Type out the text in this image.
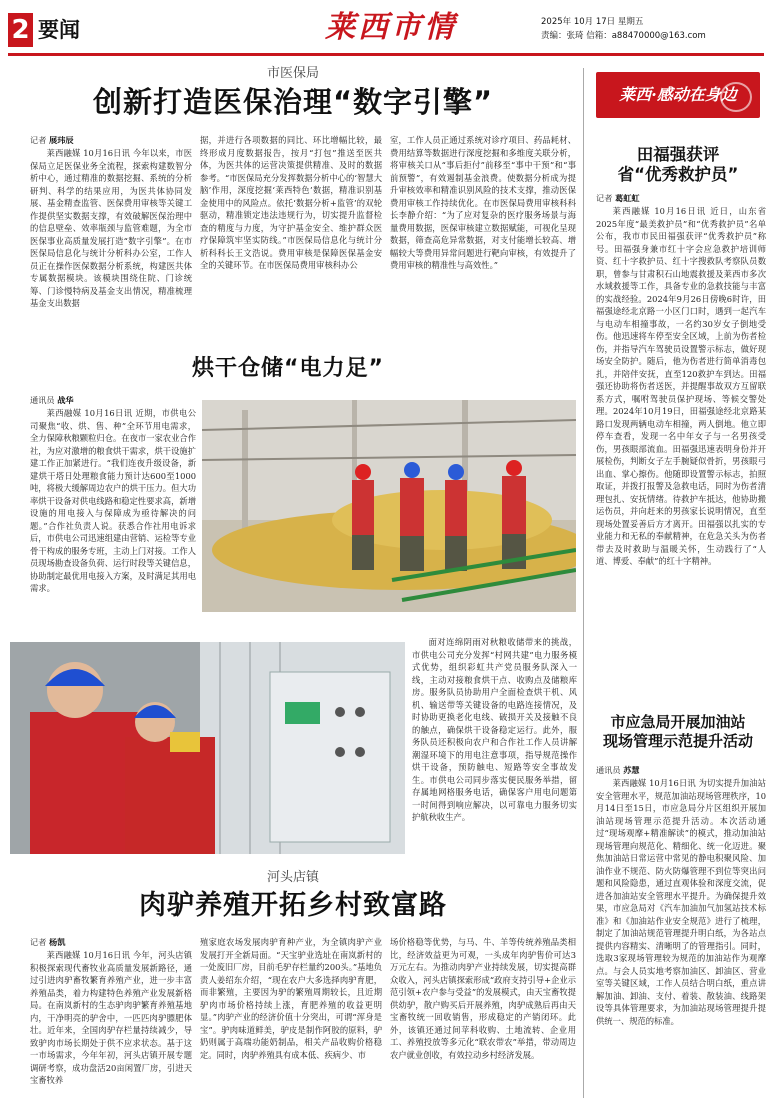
2 要闻	莱西市情	2025年 10月 17日 星期五
责编：张琦 信箱：a88470000@163.com
市医保局
创新打造医保治理“数字引擎”
记者 展玮辰

莱西融媒 10月16日讯 今年以来，市医保局立足医保业务全流程，探索构建数智分析中心，通过精准的数据挖掘、系统的分析研判、科学的结果应用，为医共体协同发展、基金精查监管、医保费用审核等关键工作提供坚实数据支撑，有效破解医保治理中的信息壁垒、效率瓶颈与监管难题，为全市医保事业高质量发展打造“数字引擎”。在市医保局信息化与统计分析科办公室，工作人员正在操作医保数据分析系统，构建医共体专属数据模块。该模块围绕住院、门诊统筹、门诊慢特病及基金支出情况，精准梳理基金支出数据

据，并进行各项数据的同比、环比增幅比较，最终形成月度数据报告，按月“打包”推送至医共体，为医共体的运营决策提供精准、及时的数据参考。“市医保局充分发挥数据分析中心的‘智慧大脑’作用，深度挖掘‘莱西特色’数据，精准识别基金使用中的风险点。依托‘数据分析+监管’的双轮驱动，精准锁定违法违规行为，切实提升监督检查的精度与力度，为守护基金安全、维护群众医疗保障筑牢坚实防线。”市医保局信息化与统计分析科科长王文浩说。费用审核是保障医保基金安全的关键环节。在市医保局费用审核科办公

室，工作人员正通过系统对诊疗项目、药品耗材、费用结算等数据进行深度挖掘和多维度关联分析，将审核关口从“事后拒付”前移至“事中干预”和“事前预警”，有效遏制基金浪费。使数据分析成为提升审核效率和精准识别风险的技术支撑，推动医保费用审核工作持续优化。在市医保局费用审核科科长李静介绍：“为了应对复杂的医疗服务场景与海量费用数据，医保审核建立数据赋能，可视化呈现数据，筛查高危异常数据，对支付能增长较高、增幅较大等费用异常问题进行靶向审核，有效提升了费用审核的精准性与高效性。”

烘干仓储“电力足”
通讯员 战华

莱西融媒 10月16日讯 近期，市供电公司聚焦“收、烘、售、种”全环节用电需求，全力保障秋粮颗粒归仓。在夜市一家农业合作社，为应对激增的粮食烘干需求，烘干设施扩建工作正加紧进行。“我们连夜升级设备，新建烘干塔日处理粮食能力预计达600至1000吨，将极大缓解周边农户的烘干压力。但大功率烘干设备对供电线路和稳定性要求高，新增设施的用电接入与保障成为亟待解决的问题。”合作社负责人说。获悉合作社用电诉求后，市供电公司迅速组建由营销、运检等专业骨干构成的服务专班，主动上门对接。工作人员现场勘查设备负荷、运行时段等关键信息，协助制定最优用电接入方案，及时满足其用电需求。

面对连绵阴雨对秋粮收储带来的挑战，市供电公司充分发挥“村网共建”电力服务模式优势，组织彩虹共产党员服务队深入一线，主动对接粮食烘干点、收购点及储粮库房。服务队员协助用户全面检查烘干机、风机、输送带等关键设备的电路连接情况，及时协助更换老化电线、破损开关及接触不良的触点，确保烘干设备稳定运行。此外，服务队员还积极向农户和合作社工作人员讲解潮湿环境下的用电注意事项，指导规范操作烘干设备，预防触电、短路等安全事故发生。市供电公司同步落实便民服务举措，留存属地网格服务电话，确保客户用电问题第一时间得到响应解决，以可靠电力服务切实护航秋收生产。

河头店镇
肉驴养殖开拓乡村致富路
记者 杨凯

莱西融媒 10月16日讯 今年，河头店镇积极探索现代畜牧业高质量发展新路径，通过引进肉驴畜牧繁育养殖产业，进一步丰富养殖品类，着力构建特色养殖产业发展新格局。在南岚新村的生态驴肉驴繁育养殖基地内，干净明亮的驴舍中，一匹匹肉驴膘肥体壮。近年来，全国肉驴存栏量持续减少，导致驴肉市场长期处于供不应求状态。基于这一市场需求，今年年初，河头店镇开展专题调研考察，成功盘活20亩闲置厂房，引进天宝畜牧养

殖家庭农场发展肉驴育种产业，为全镇肉驴产业发展打开全新局面。“天宝驴业选址在南岚新村的一处废旧厂房，目前毛驴存栏量约200头。”基地负责人姜绍东介绍，“现在农户大多选择肉驴育肥，而非繁殖，主要因为驴的繁殖周期较长，且近期驴肉市场价格持续上涨，育肥养殖的收益更明显。”肉驴产业的经济价值十分突出，可谓“浑身是宝”。驴肉味道鲜美，驴皮是制作阿胶的原料，驴奶则属于高端功能奶制品，相关产品收购价格稳定。同时，肉驴养殖具有成本低、疾病少、市

场价格稳等优势，与马、牛、羊等传统养殖品类相比，经济效益更为可观，一头成年肉驴售价可达3万元左右。为推动肉驴产业持续发展，切实提高群众收入，河头店镇探索形成“政府支持引导+企业示范引领+农户参与受益”的发展模式，由天宝畜牧提供幼驴，散户购买后开展养殖，肉驴成熟后再由天宝畜牧统一回收销售，形成稳定的产销闭环。此外，该镇还通过间苹科收购、土地流转、企业用工、养殖投放等多元化“联农带农”举措，带动周边农户就业创收，有效拉动乡村经济发展。

莱西·感动在身边
田福强获评
省“优秀救护员”
记者 葛虹虹

莱西融媒 10月16日讯 近日，山东省2025年度“最美救护员”和“优秀救护员”名单公布，我市市民田福强获评“优秀救护员”称号。田福强身兼市红十字会应急救护培训师资、红十字救护员、红十字搜救队考察队员数职，曾参与甘肃积石山地震救援及莱西市多次水域救援等工作，具备专业的急救技能与丰富的实战经验。2024年9月26日傍晚6时许，田福强途经北京路一小区门口时，遇到一起汽车与电动车相撞事故，一名约30岁女子倒地受伤。他迅速将车停至安全区域，上前为伤者检伤，并指导汽车驾驶员设置警示标志，做好现场安全防护。随后，他为伤者进行简单消毒包扎，并陪伴安抚，直至120救护车到达。田福强还协助将伤者送医，并提醒事故双方互留联系方式，嘱咐驾驶员保护现场、等候交警处理。2024年10月19日，田福强途经北京路某路口发现两辆电动车相撞，两人倒地。他立即停车查看，发现一名中年女子与一名男孩受伤，男孩眼部流血。田福强迅速表明身份并开展检伤，判断女子左手腕疑似骨折，男孩眼弓出血、掌心擦伤。他随即设置警示标志，拍照取证，并拨打报警及急救电话，同时为伤者清理包扎、安抚情绪。待救护车抵达，他协助搬运伤员，并向赶来的男孩家长说明情况，直至现场处置妥善后方才离开。田福强以扎实的专业能力和无私的奉献精神，在危急关头为伤者带去及时救助与温暖关怀，生动践行了“人道、博爱、奉献”的红十字精神。

市应急局开展加油站
现场管理示范提升活动
通讯员 苏慧

莱西融媒 10月16日讯 为切实提升加油站安全管理水平，规范加油站现场管理秩序，10月14日至15日，市应急局分片区组织开展加油站现场管理示范提升活动。本次活动通过“现场观摩+精准解读”的模式，推动加油站现场管理向规范化、精细化、统一化迈进。聚焦加油站日常运营中常见的静电积聚风险、加油作业不规范、防火防爆管理不到位等突出问题和风险隐患，通过直观体验和深度交流，促进各加油站安全管理水平提升。为确保提升效果，市应急局对《汽车加油加气加氢站技术标准》和《加油站作业安全规范》进行了梳理，制定了加油站规范管理提升明白纸，为各站点提供内容精实、清晰明了的管理指引。同时，选取3家现场管理较为规范的加油站作为观摩点。与会人员实地考察加油区、卸油区、营业室等关键区域，工作人员结合明白纸，重点讲解加油、卸油、支付、着装、散装油、线路架设等具体管理要求，为加油站现场管理提升提供统一、规范的标准。
